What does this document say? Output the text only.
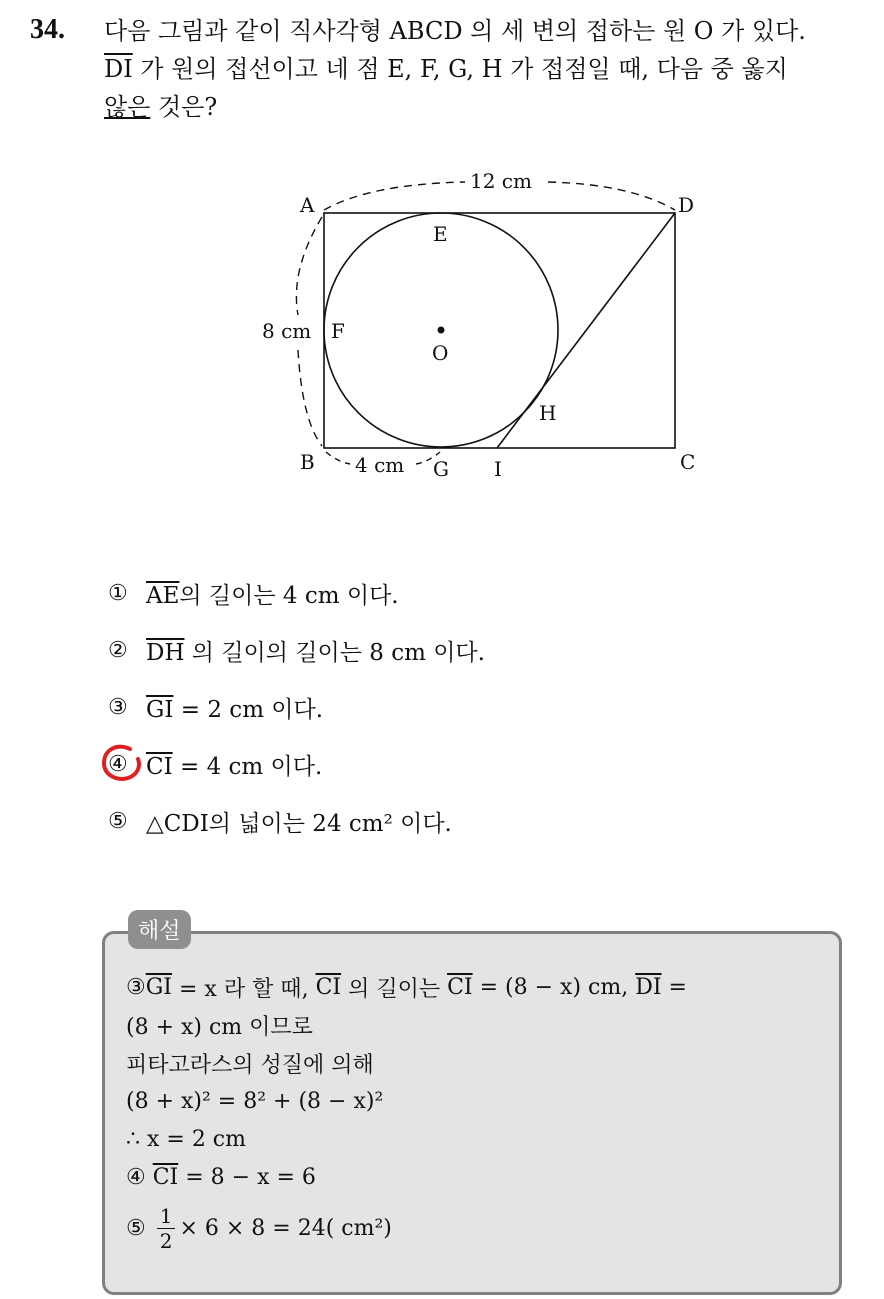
34. 다음 그림과 같이 직사각형 ABCD 의 세 변의 접하는 원 O 가 있다.
$\overline{DI}$ 가 원의 접선이고 네 점 E, F, G, H 가 접점일 때, 다음 중 옳지
않은 것은?
A	D
B	C
E
F
O
H
G I
12 cm
8 cm
4 cm
① $\overline{AE}$의 길이는 4 cm 이다.
② $\overline{DH}$ 의 길이의 길이는 8 cm 이다.
③ $\overline{GI} = 2$ cm 이다.
④ $\overline{CI} = 4$ cm 이다.
⑤ △CDI의 넓이는 24 cm² 이다.
해설
③ $\overline{GI} = x$ 라 할 때, $\overline{CI}$ 의 길이는 $\overline{CI} = (8 - x)$ cm, $\overline{DI}$ =
(8 + x) cm 이므로
피타고라스의 성질에 의해
(8 + x)² = 8² + (8 − x)²
∴ x = 2 cm
④ $\overline{CI} = 8 - x = 6$
⑤ $\frac{1}{2} \times 6 \times 8 = 24$( cm²)
